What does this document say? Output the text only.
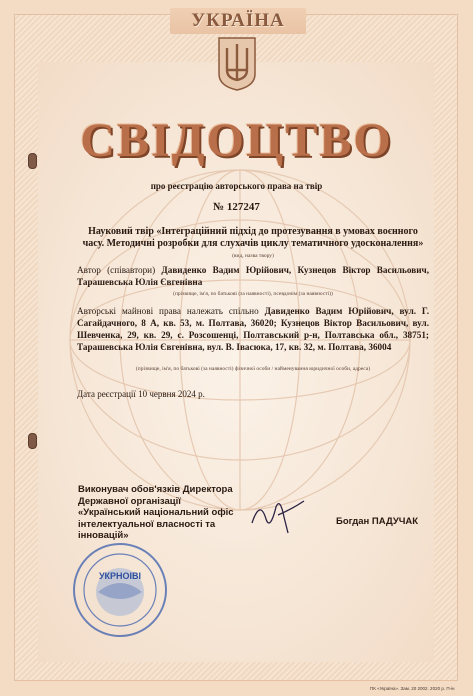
УКРАЇНА
СВІДОЦТВО
про реєстрацію авторського права на твір
№ 127247
Науковий твір «Інтеграційний підхід до протезування в умовах воєнного часу. Методичні розробки для слухачів циклу тематичного удосконалення»
(вид, назва твору)
Автор (співавтори) Давиденко Вадим Юрійович, Кузнецов Віктор Васильович, Тарашевська Юлія Євгенівна
(прізвище, ім'я, по батькові (за наявності), псевдонім (за наявності))
Авторські майнові права належать спільно Давиденко Вадим Юрійович, вул. Г. Сагайдачного, 8 А, кв. 53, м. Полтава, 36020; Кузнецов Віктор Васильович, вул. Шевченка, 29, кв. 29, с. Розсошенці, Полтавський р-н, Полтавська обл., 38751; Тарашевська Юлія Євгенівна, вул. В. Івасюка, 17, кв. 32, м. Полтава, 36004
(прізвище, ім'я, по батькові (за наявності) фізичної особи / найменування юридичної особи, адреса)
Дата реєстрації 10 червня 2024 р.
Виконувач обов'язків Директора Державної організації «Український національний офіс інтелектуальної власності та інновацій»
Богдан ПАДУЧАК
УКРНОІВІ
ПК «Україна». Зам. 20 2002. 2020 р. П-ін
